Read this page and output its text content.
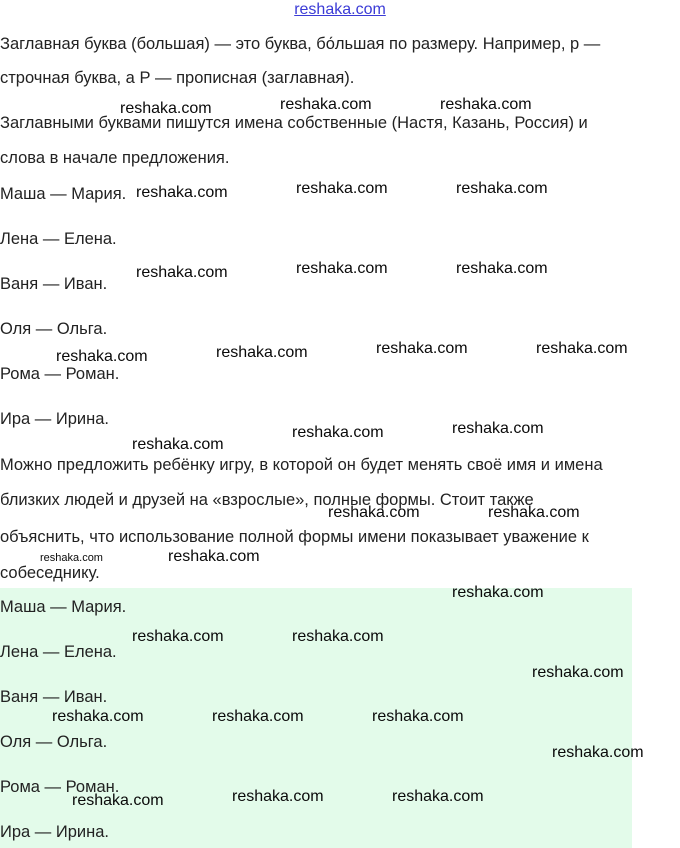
reshaka.com

Заглавная буква (большая) — это буква, бо́льшая по размеру. Например, р —

строчная буква, а Р — прописная (заглавная).

Заглавными буквами пишутся имена собственные (Настя, Казань, Россия) и

слова в начале предложения.

Маша — Мария.

Лена — Елена.

Ваня — Иван.

Оля — Ольга.

Рома — Роман.

Ира — Ирина.

Можно предложить ребёнку игру, в которой он будет менять своё имя и имена

близких людей и друзей на «взрослые», полные формы. Стоит также

объяснить, что использование полной формы имени показывает уважение к

собеседнику.

Маша — Мария.

Лена — Елена.

Ваня — Иван.

Оля — Ольга.

Рома — Роман.

Ира — Ирина.

reshaka.com	reshaka.com	reshaka.com
reshaka.com	reshaka.com	reshaka.com
reshaka.com	reshaka.com	reshaka.com
reshaka.com	reshaka.com	reshaka.com	reshaka.com
reshaka.com
reshaka.com	reshaka.com
reshaka.com	reshaka.com
reshaka.com	reshaka.com
reshaka.com
reshaka.com	reshaka.com
reshaka.com
reshaka.com	reshaka.com	reshaka.com
reshaka.com
reshaka.com	reshaka.com	reshaka.com
